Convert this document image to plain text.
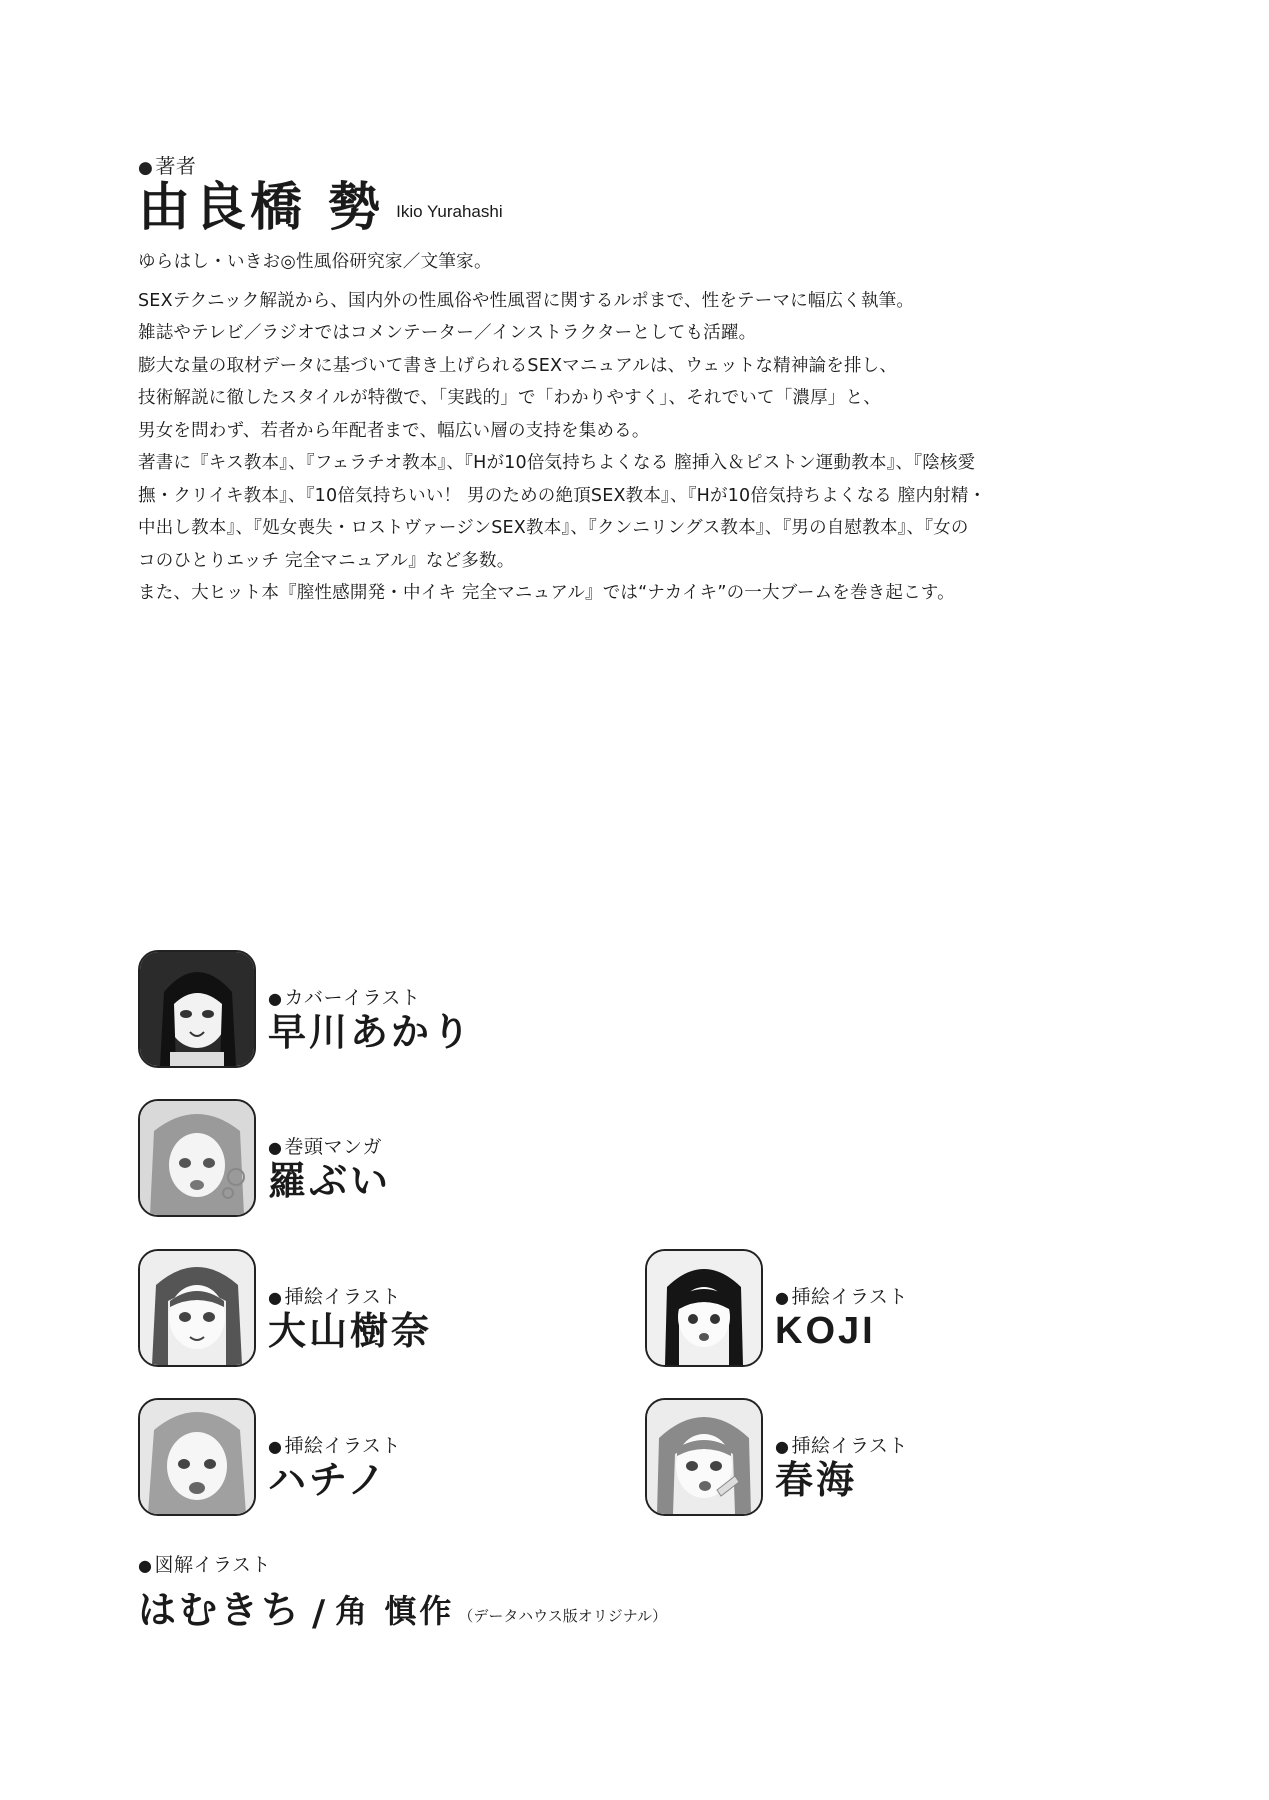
● 著者
由良橋 勢 Ikio Yurahashi
ゆらはし・いきお◎性風俗研究家／文筆家。

SEXテクニック解説から、国内外の性風俗や性風習に関するルポまで、性をテーマに幅広く執筆。

雑誌やテレビ／ラジオではコメンテーター／インストラクターとしても活躍。

膨大な量の取材データに基づいて書き上げられるSEXマニュアルは、ウェットな精神論を排し、

技術解説に徹したスタイルが特徴で、「実践的」で「わかりやすく」、それでいて「濃厚」と、

男女を問わず、若者から年配者まで、幅広い層の支持を集める。

著書に『キス教本』、『フェラチオ教本』、『Hが10倍気持ちよくなる 膣挿入＆ピストン運動教本』、『陰核愛

撫・クリイキ教本』、『10倍気持ちいい！ 男のための絶頂SEX教本』、『Hが10倍気持ちよくなる 膣内射精・

中出し教本』、『処女喪失・ロストヴァージンSEX教本』、『クンニリングス教本』、『男の自慰教本』、『女の

コのひとりエッチ 完全マニュアル』など多数。

また、大ヒット本『膣性感開発・中イキ 完全マニュアル』では“ナカイキ”の一大ブームを巻き起こす。

● カバーイラスト
早川あかり
● 巻頭マンガ
羅ぶい
● 挿絵イラスト
大山樹奈
● 挿絵イラスト
KOJI
● 挿絵イラスト
ハチノ
● 挿絵イラスト
春海
● 図解イラスト
はむきち / 角 慎作 （データハウス版オリジナル）
